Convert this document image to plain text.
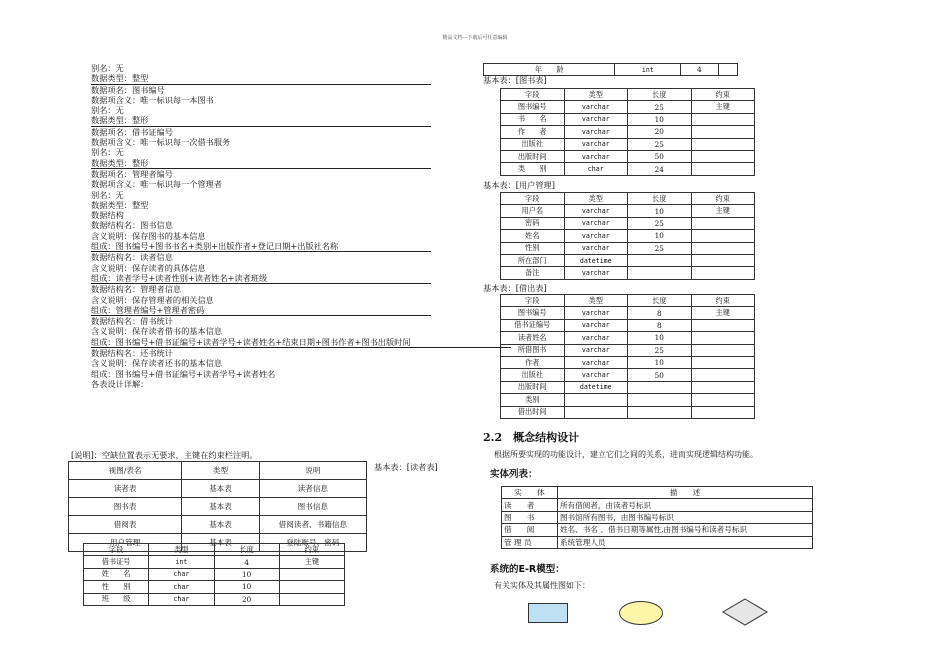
精品文档---下载后可任意编辑
别名：无
数据类型：整型
数据项名：图书编号
数据项含义：唯一标识每一本图书
别名：无
数据类型：整形
数据项名：借书证编号
数据项含义：唯一标识每一次借书服务
别名：无
数据类型：整形
数据项名：管理者编号
数据项含义：唯一标识每一个管理者
别名：无
数据类型：整型
数据结构
数据结构名：图书信息
含义说明：保存图书的基本信息
组成：图书编号+图书书名+类别+出版作者+登记日期+出版社名称
数据结构名：读者信息
含义说明：保存读者的具体信息
组成：读者学号+读者性别+读者姓名+读者班级
数据结构名：管理者信息
含义说明：保存管理者的相关信息
组成：管理者编号+管理者密码
数据结构名：借书统计
含义说明：保存读者借书的基本信息
组成：图书编号+借书证编号+读者学号+读者姓名+结束日期+图书作者+图书出版时间
数据结构名：还书统计
含义说明：保存读者还书的基本信息
组成：图书编号+借书证编号+读者学号+读者姓名
各表设计详解：
[说明]：空缺位置表示无要求，主键在约束栏注明。
基本表：[读者表]
视图/表名	类型	说明
读者表	基本表	读者信息
图书表	基本表	图书信息
借阅表	基本表	借阅读者、书籍信息
用户管理	基本表	登陆账号、密码
字段	类型	长度	约束
借书证号	int	4	主键
姓　　名	char	10	
性　　别	char	10	
班　　级	char	20	
年　　龄	int	4	
基本表：[图书表]
字段	类型	长度	约束
图书编号	varchar	25	主键
书　　名	varchar	10	
作　　者	varchar	20	
出版社	varchar	25	
出版时间	varchar	50	
类　　别	char	24	
基本表：[用户管理]
字段	类型	长度	约束
用户名	varchar	10	主键
密码	varchar	25	
姓名	varchar	10	
性别	varchar	25	
所在部门	datetime		
备注	varchar		
基本表：[借出表]
字段	类型	长度	约束
图书编号	varchar	8	主键
借书证编号	varchar	8	
读者姓名	varchar	10	
所借图书	varchar	25	
作者	varchar	10	
出版社	varchar	50	
出版时间	datetime		
类别			
借出时间			
2.2　概念结构设计
根据所要实现的功能设计，建立它们之间的关系，进而实现逻辑结构功能。
实体列表：
实　　体	描　　述
读　　者	所有借阅者，由读者号标识
图　　书	图书馆所有图书，由图书编号标识
借　　阅	姓名、书名 、借书日期等属性,由图书编号和读者号标识
管 理 员	系统管理人员
系统的E-R模型：
有关实体及其属性图如下：
